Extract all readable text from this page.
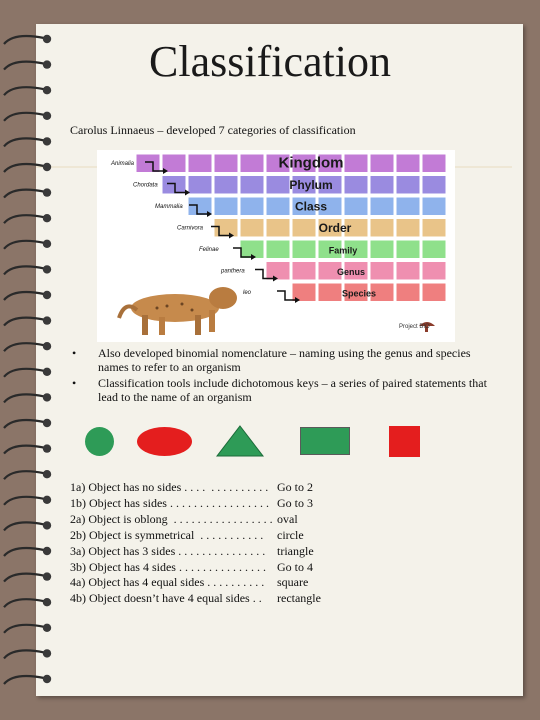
Classification
Carolus Linnaeus – developed 7 categories of classification
Kingdom
Phylum
Class
Order
Family
Genus
Species
Animalia
Chordata
Mammalia
Carnivora
Felinae
panthera
leo
Project BIO
•	Also developed binomial nomenclature – naming using the genus and species names to refer to an organism
•	Classification tools include dichotomous keys – a series of paired statements that lead to the name of an organism
1a) Object has no sides . . . .  . . . . . . . . . . Go to 2
1b) Object has sides . . . . . . . . . . . . . . . . . Go to 3
2a) Object is oblong  . . . . . . . . . . . . . . . . . oval
2b) Object is symmetrical  . . . . . . . . . . .	circle
3a) Object has 3 sides . . . . . . . . . . . . . . . triangle
3b) Object has 4 sides . . . . . . . . . . . . . . . Go to 4
4a) Object has 4 equal sides . . . . . . . . . .	square
4b) Object doesn’t have 4 equal sides . .	rectangle
